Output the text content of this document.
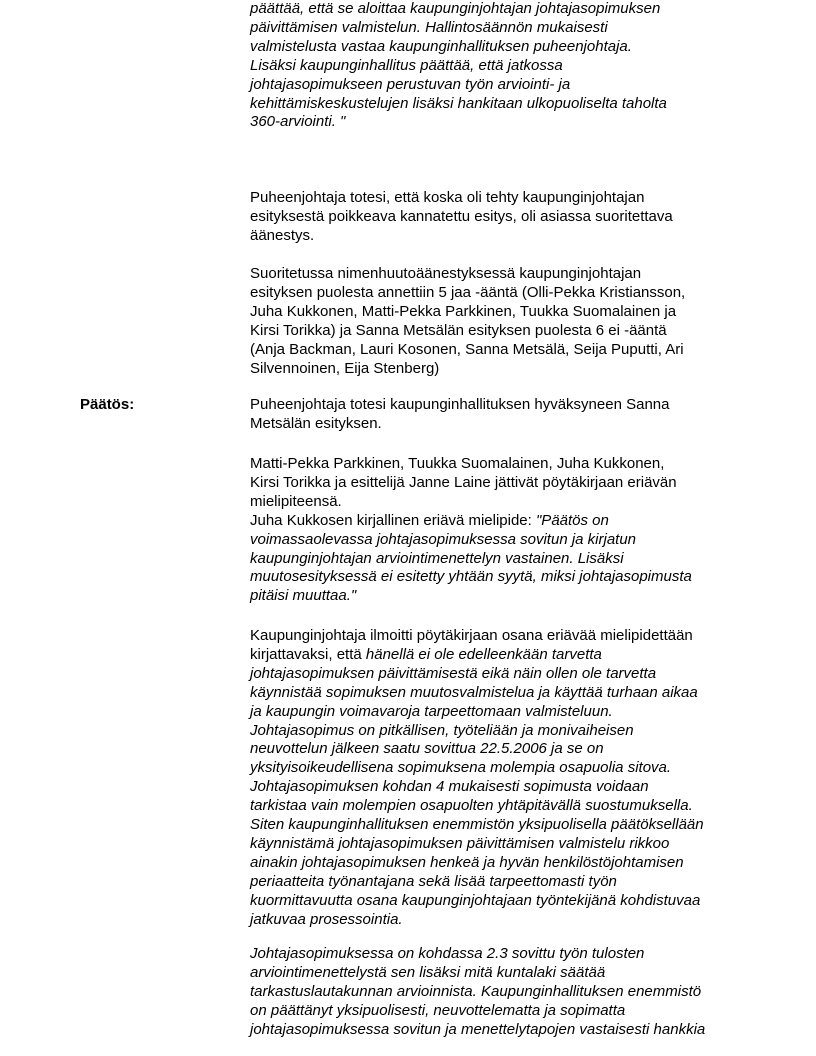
päättää, että se aloittaa kaupunginjohtajan johtajasopimuksen
päivittämisen valmistelun. Hallintosäännön mukaisesti
valmistelusta vastaa kaupunginhallituksen puheenjohtaja.
Lisäksi kaupunginhallitus päättää, että jatkossa
johtajasopimukseen perustuvan työn arviointi- ja
kehittämiskeskustelujen lisäksi hankitaan ulkopuoliselta taholta
360-arviointi. "

Puheenjohtaja totesi, että koska oli tehty kaupunginjohtajan
esityksestä poikkeava kannatettu esitys, oli asiassa suoritettava
äänestys.

Suoritetussa nimenhuutoäänestyksessä kaupunginjohtajan
esityksen puolesta annettiin 5 jaa -ääntä (Olli-Pekka Kristiansson,
Juha Kukkonen, Matti-Pekka Parkkinen, Tuukka Suomalainen ja
Kirsi Torikka) ja Sanna Metsälän esityksen puolesta 6 ei -ääntä
(Anja Backman, Lauri Kosonen, Sanna Metsälä, Seija Puputti, Ari
Silvennoinen, Eija Stenberg)

Päätös:	Puheenjohtaja totesi kaupunginhallituksen hyväksyneen Sanna
Metsälän esityksen.

Matti-Pekka Parkkinen, Tuukka Suomalainen, Juha Kukkonen,
Kirsi Torikka ja esittelijä Janne Laine jättivät pöytäkirjaan eriävän
mielipiteensä.
Juha Kukkosen kirjallinen eriävä mielipide: "Päätös on
voimassaolevassa johtajasopimuksessa sovitun ja kirjatun
kaupunginjohtajan arviointimenettelyn vastainen. Lisäksi
muutosesityksessä ei esitetty yhtään syytä, miksi johtajasopimusta
pitäisi muuttaa."

Kaupunginjohtaja ilmoitti pöytäkirjaan osana eriävää mielipidettään
kirjattavaksi, että hänellä ei ole edelleenkään tarvetta
johtajasopimuksen päivittämisestä eikä näin ollen ole tarvetta
käynnistää sopimuksen muutosvalmistelua ja käyttää turhaan aikaa
ja kaupungin voimavaroja tarpeettomaan valmisteluun.
Johtajasopimus on pitkällisen, työteliään ja monivaiheisen
neuvottelun jälkeen saatu sovittua 22.5.2006 ja se on
yksityisoikeudellisena sopimuksena molempia osapuolia sitova.
Johtajasopimuksen kohdan 4 mukaisesti sopimusta voidaan
tarkistaa vain molempien osapuolten yhtäpitävällä suostumuksella.
Siten kaupunginhallituksen enemmistön yksipuolisella päätöksellään
käynnistämä johtajasopimuksen päivittämisen valmistelu rikkoo
ainakin johtajasopimuksen henkeä ja hyvän henkilöstöjohtamisen
periaatteita työnantajana sekä lisää tarpeettomasti työn
kuormittavuutta osana kaupunginjohtajaan työntekijänä kohdistuvaa
jatkuvaa prosessointia.

Johtajasopimuksessa on kohdassa 2.3 sovittu työn tulosten
arviointimenettelystä sen lisäksi mitä kuntalaki säätää
tarkastuslautakunnan arvioinnista. Kaupunginhallituksen enemmistö
on päättänyt yksipuolisesti, neuvottelematta ja sopimatta
johtajasopimuksessa sovitun ja menettelytapojen vastaisesti hankkia
